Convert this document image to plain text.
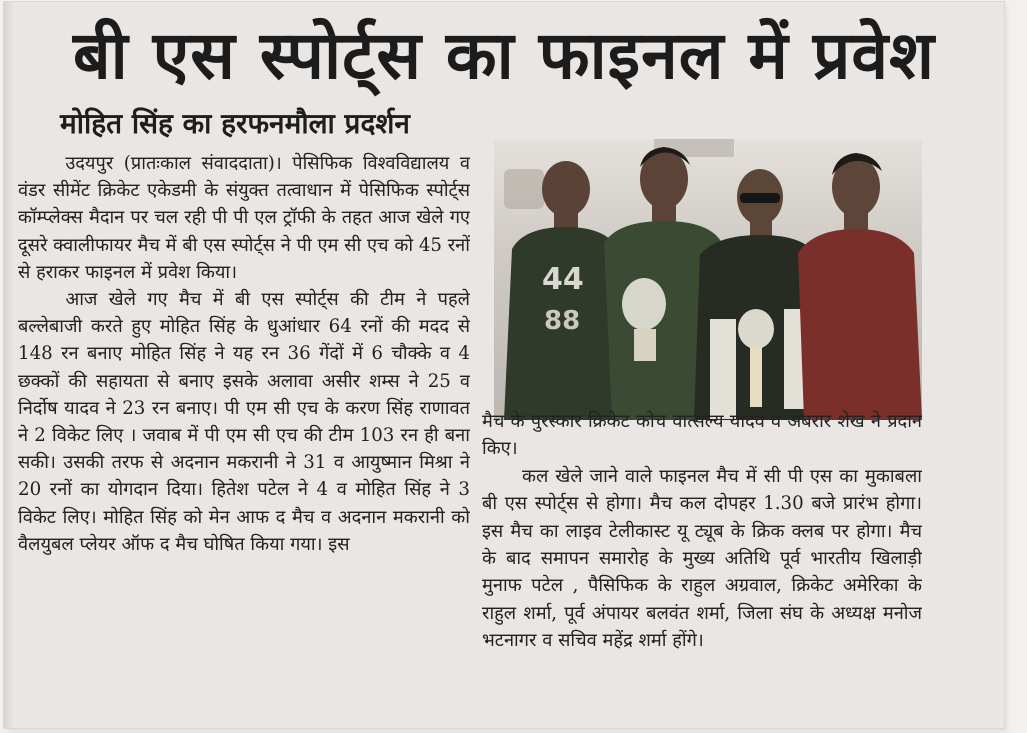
बी एस स्पोर्ट्स का फाइनल में प्रवेश
मोहित सिंह का हरफनमौला प्रदर्शन

उदयपुर (प्रातःकाल संवाददाता)। पेसिफिक विश्वविद्यालय व वंडर सीमेंट क्रिकेट एकेडमी के संयुक्त तत्वाधान में पेसिफिक स्पोर्ट्स कॉम्प्लेक्स मैदान पर चल रही पी पी एल ट्रॉफी के तहत आज खेले गए दूसरे क्वालीफायर मैच में बी एस स्पोर्ट्स ने पी एम सी एच को 45 रनों से हराकर फाइनल में प्रवेश किया।

आज खेले गए मैच में बी एस स्पोर्ट्स की टीम ने पहले बल्लेबाजी करते हुए मोहित सिंह के धुआंधार 64 रनों की मदद से 148 रन बनाए मोहित सिंह ने यह रन 36 गेंदों में 6 चौक्के व 4 छक्कों की सहायता से बनाए इसके अलावा असीर शम्स ने 25 व निर्दोष यादव ने 23 रन बनाए। पी एम सी एच के करण सिंह राणावत ने 2 विकेट लिए । जवाब में पी एम सी एच की टीम 103 रन ही बना सकी। उसकी तरफ से अदनान मकरानी ने 31 व आयुष्मान मिश्रा ने 20 रनों का योगदान दिया। हितेश पटेल ने 4 व मोहित सिंह ने 3 विकेट लिए। मोहित सिंह को मेन आफ द मैच व अदनान मकरानी को वैलयुबल प्लेयर ऑफ द मैच घोषित किया गया। इस

44
88

मैच के पुरस्कार क्रिकेट कोच वात्सल्य यादव व अबरार शेख ने प्रदान किए।

कल खेले जाने वाले फाइनल मैच में सी पी एस का मुकाबला बी एस स्पोर्ट्स से होगा। मैच कल दोपहर 1.30 बजे प्रारंभ होगा। इस मैच का लाइव टेलीकास्ट यू ट्यूब के क्रिक क्लब पर होगा। मैच के बाद समापन समारोह के मुख्य अतिथि पूर्व भारतीय खिलाड़ी मुनाफ पटेल , पैसिफिक के राहुल अग्रवाल, क्रिकेट अमेरिका के राहुल शर्मा, पूर्व अंपायर बलवंत शर्मा, जिला संघ के अध्यक्ष मनोज भटनागर व सचिव महेंद्र शर्मा होंगे।
